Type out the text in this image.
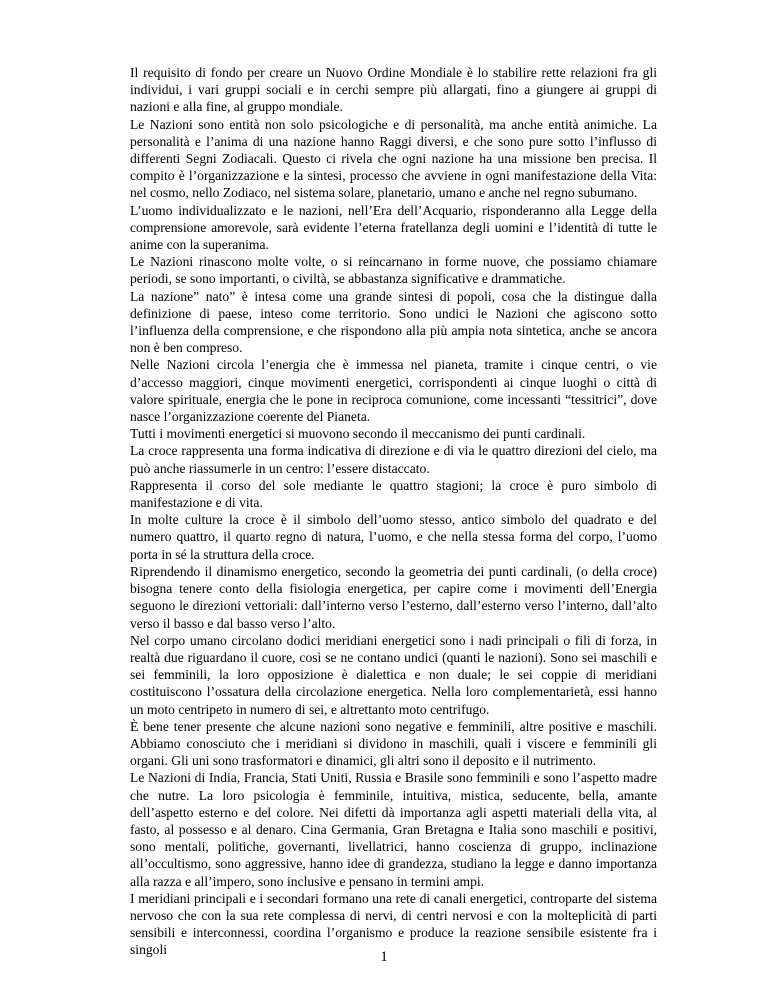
Il requisito di fondo per creare un Nuovo Ordine Mondiale è lo stabilire rette relazioni fra gli individui, i vari gruppi sociali e in cerchi sempre più allargati, fino a giungere ai gruppi di nazioni e alla fine, al gruppo mondiale.

Le Nazioni sono entità non solo psicologiche e di personalità, ma anche entità animiche. La personalità e l’anima di una nazione hanno Raggi diversi, e che sono pure sotto l’influsso di differenti Segni Zodiacali. Questo ci rivela che ogni nazione ha una missione ben precisa. Il compito è l’organizzazione e la sintesi, processo che avviene in ogni manifestazione della Vita: nel cosmo, nello Zodiaco, nel sistema solare, planetario, umano e anche nel regno subumano.

L’uomo individualizzato e le nazioni, nell’Era dell’Acquario, risponderanno alla Legge della comprensione amorevole, sarà evidente l’eterna fratellanza degli uomini e l’identità di tutte le anime con la superanima.

Le Nazioni rinascono molte volte, o si reincarnano in forme nuove, che possiamo chiamare periodi, se sono importanti, o civiltà, se abbastanza significative e drammatiche.

La nazione” nato” è intesa come una grande sintesi di popoli, cosa che la distingue dalla definizione di paese, inteso come territorio. Sono undici le Nazioni che agiscono sotto l’influenza della comprensione, e che rispondono alla più ampia nota sintetica, anche se ancora non è ben compreso.

Nelle Nazioni circola l’energia che è immessa nel pianeta, tramite i cinque centri, o vie d’accesso maggiori, cinque movimenti energetici, corrispondenti ai cinque luoghi o città di valore spirituale, energia che le pone in reciproca comunione, come incessanti “tessitrici”, dove nasce l’organizzazione coerente del Pianeta.

Tutti i movimenti energetici si muovono secondo il meccanismo dei punti cardinali.

La croce rappresenta una forma indicativa di direzione e di via le quattro direzioni del cielo, ma può anche riassumerle in un centro: l’essere distaccato.

Rappresenta il corso del sole mediante le quattro stagioni; la croce è puro simbolo di manifestazione e di vita.

In molte culture la croce è il simbolo dell’uomo stesso, antico simbolo del quadrato e del numero quattro, il quarto regno di natura, l’uomo, e che nella stessa forma del corpo, l’uomo porta in sé la struttura della croce.

Riprendendo il dinamismo energetico, secondo la geometria dei punti cardinali, (o della croce) bisogna tenere conto della fisiologia energetica, per capire come i movimenti dell’Energia seguono le direzioni vettoriali: dall’interno verso l’esterno, dall’esterno verso l’interno, dall’alto verso il basso e dal basso verso l’alto.

Nel corpo umano circolano dodici meridiani energetici sono i nadi principali o fili di forza, in realtà due riguardano il cuore, così se ne contano undici (quanti le nazioni). Sono sei maschili e sei femminili, la loro opposizione è dialettica e non duale; le sei coppie di meridiani costituiscono l’ossatura della circolazione energetica. Nella loro complementarietà, essi hanno un moto centripeto in numero di sei, e altrettanto moto centrifugo.

È bene tener presente che alcune nazioni sono negative e femminili, altre positive e maschili. Abbiamo conosciuto che i meridiani si dividono in maschili, quali i viscere e femminili gli organi. Gli uni sono trasformatori e dinamici, gli altri sono il deposito e il nutrimento.

Le Nazioni di India, Francia, Stati Uniti, Russia e Brasile sono femminili e sono l’aspetto madre che nutre. La loro psicologia è femminile, intuitiva, mistica, seducente, bella, amante dell’aspetto esterno e del colore. Nei difetti dà importanza agli aspetti materiali della vita, al fasto, al possesso e al denaro. Cina Germania, Gran Bretagna e Italia sono maschili e positivi, sono mentali, politiche, governanti, livellatrici, hanno coscienza di gruppo, inclinazione all’occultismo, sono aggressive, hanno idee di grandezza, studiano la legge e danno importanza alla razza e all’impero, sono inclusive e pensano in termini ampi.

I meridiani principali e i secondari formano una rete di canali energetici, controparte del sistema nervoso che con la sua rete complessa di nervi, di centri nervosi e con la molteplicità di parti sensibili e interconnessi, coordina l’organismo e produce la reazione sensibile esistente fra i singoli	1
